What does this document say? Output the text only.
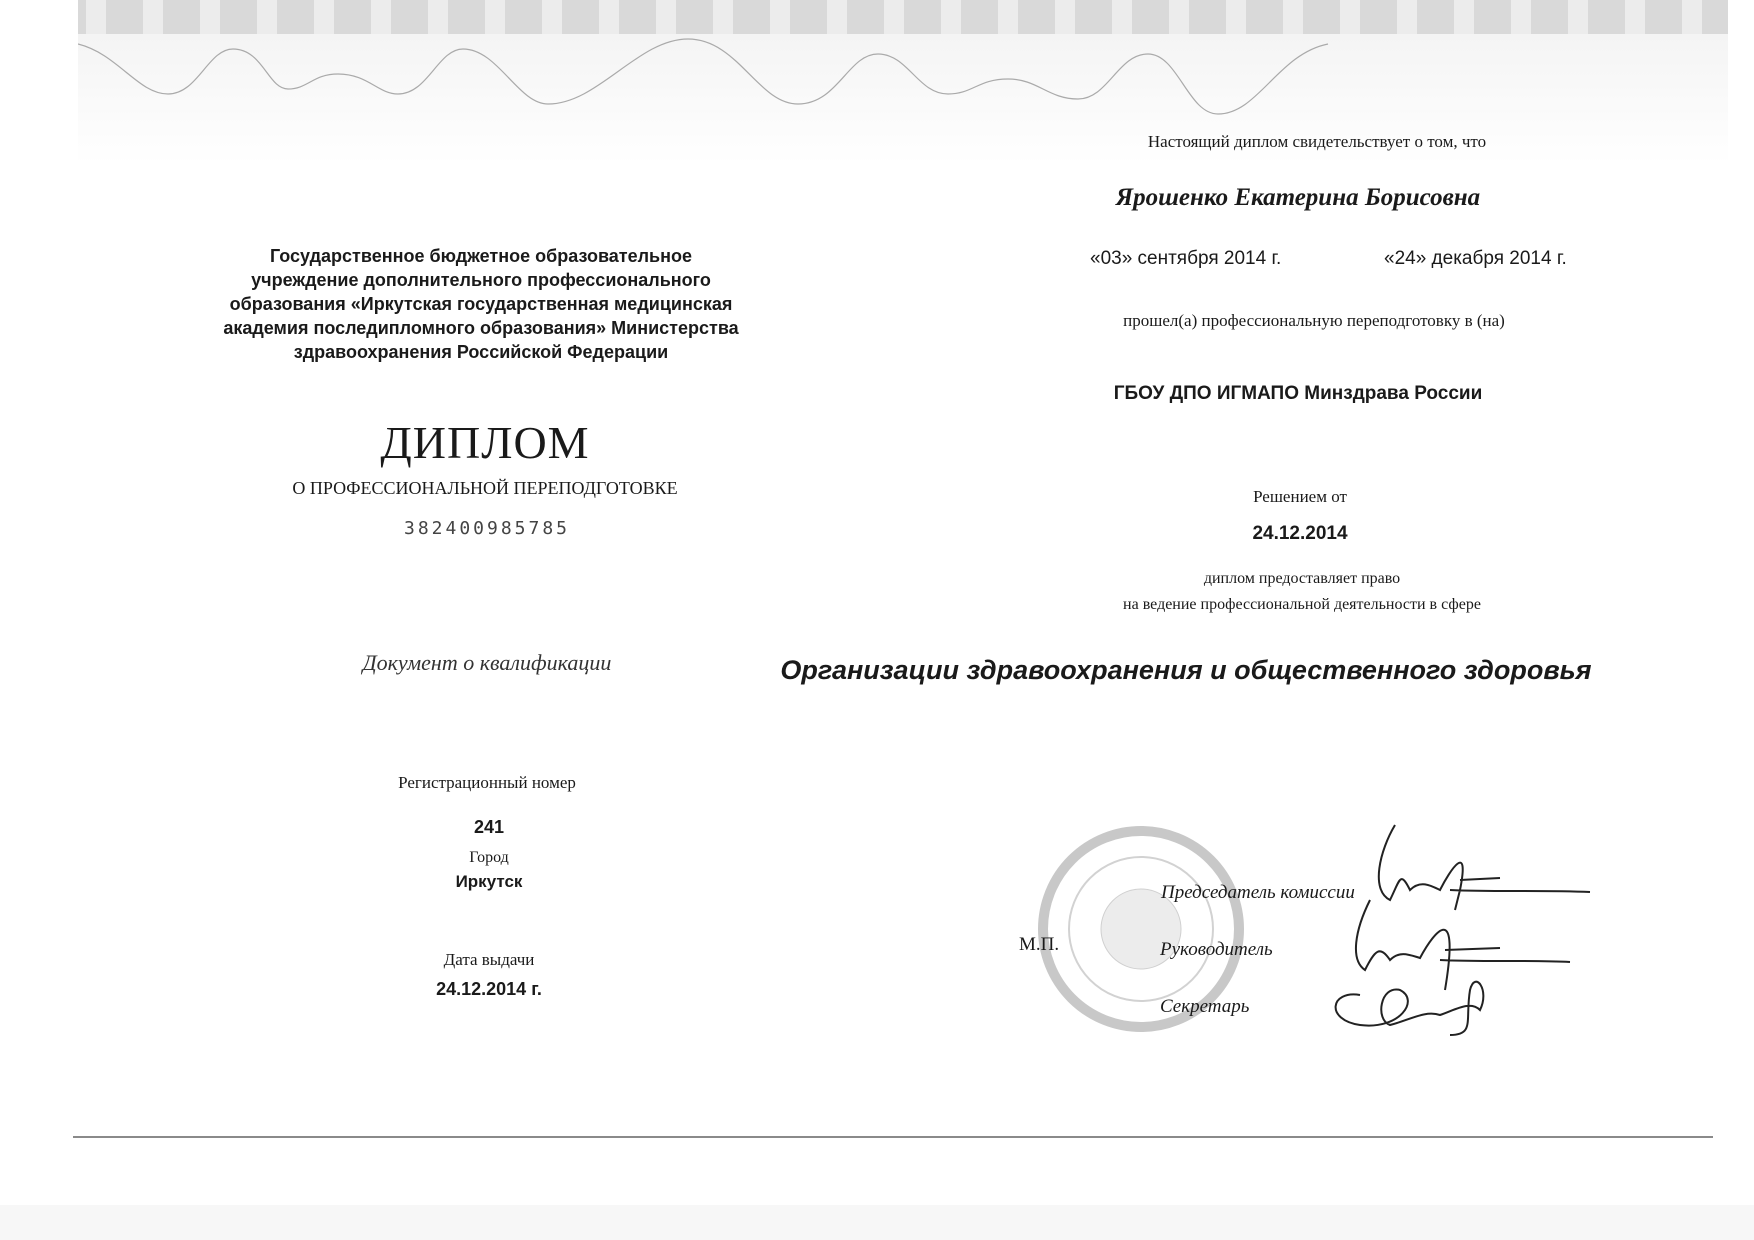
Государственное бюджетное образовательное
учреждение дополнительного профессионального
образования «Иркутская государственная медицинская
академия последипломного образования» Министерства
здравоохранения Российской Федерации
ДИПЛОМ
О ПРОФЕССИОНАЛЬНОЙ ПЕРЕПОДГОТОВКЕ
382400985785
Документ о квалификации
Регистрационный номер
241
Город
Иркутск
Дата выдачи
24.12.2014 г.
Настоящий диплом свидетельствует о том, что
Ярошенко Екатерина Борисовна
«03» сентября 2014 г.	«24» декабря 2014 г.
прошел(а) профессиональную переподготовку в (на)
ГБОУ ДПО ИГМАПО Минздрава России
Решением от
24.12.2014
диплом предоставляет право
на ведение профессиональной деятельности в сфере
Организации здравоохранения и общественного здоровья
М.П.
Председатель комиссии
Руководитель
Секретарь
